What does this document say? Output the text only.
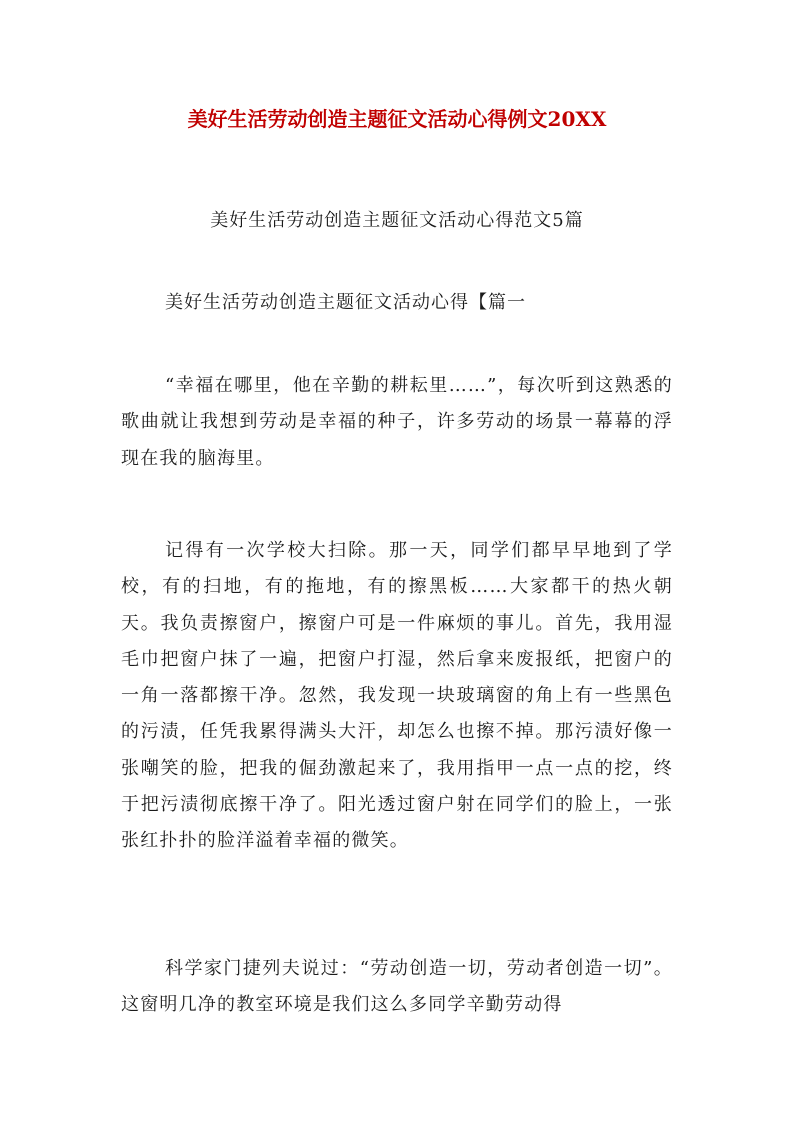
美好生活劳动创造主题征文活动心得例文20XX

美好生活劳动创造主题征文活动心得范文5篇

美好生活劳动创造主题征文活动心得【篇一

“幸福在哪里，他在辛勤的耕耘里……”，每次听到这熟悉的歌曲就让我想到劳动是幸福的种子，许多劳动的场景一幕幕的浮现在我的脑海里。

记得有一次学校大扫除。那一天，同学们都早早地到了学校，有的扫地，有的拖地，有的擦黑板……大家都干的热火朝天。我负责擦窗户，擦窗户可是一件麻烦的事儿。首先，我用湿毛巾把窗户抹了一遍，把窗户打湿，然后拿来废报纸，把窗户的一角一落都擦干净。忽然，我发现一块玻璃窗的角上有一些黑色的污渍，任凭我累得满头大汗，却怎么也擦不掉。那污渍好像一张嘲笑的脸，把我的倔劲激起来了，我用指甲一点一点的挖，终于把污渍彻底擦干净了。阳光透过窗户射在同学们的脸上，一张张红扑扑的脸洋溢着幸福的微笑。

科学家门捷列夫说过：“劳动创造一切，劳动者创造一切”。这窗明几净的教室环境是我们这么多同学辛勤劳动得
